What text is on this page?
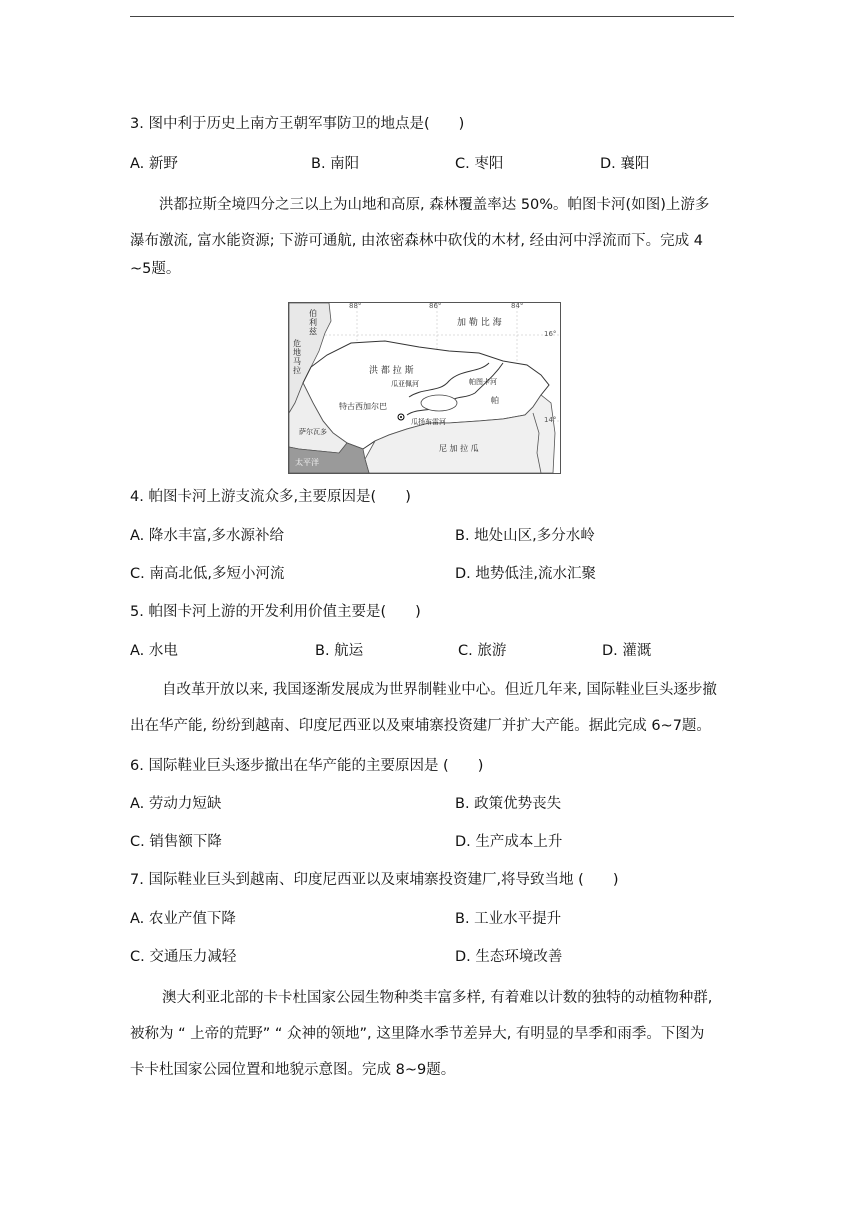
3. 图中利于历史上南方王朝军事防卫的地点是(　　)
A. 新野	B. 南阳	C. 枣阳	D. 襄阳
洪都拉斯全境四分之三以上为山地和高原, 森林覆盖率达 50%。帕图卡河(如图)上游多
瀑布激流, 富水能资源; 下游可通航, 由浓密森林中砍伐的木材, 经由河中浮流而下。完成 4
~5题。
88°	86°	84°
16°
14°
伯利兹
危地马拉
加 勒 比 海
洪 都 拉 斯
帕图卡河
瓜亚佩河
瓜扬布雷河
帕
特古西加尔巴
萨尔瓦多
太平洋
尼 加 拉 瓜
4. 帕图卡河上游支流众多,主要原因是(　　)
A. 降水丰富,多水源补给	B. 地处山区,多分水岭
C. 南高北低,多短小河流	D. 地势低洼,流水汇聚
5. 帕图卡河上游的开发利用价值主要是(　　)
A. 水电	B. 航运	C. 旅游	D. 灌溉
自改革开放以来, 我国逐渐发展成为世界制鞋业中心。但近几年来, 国际鞋业巨头逐步撤
出在华产能, 纷纷到越南、印度尼西亚以及柬埔寨投资建厂并扩大产能。据此完成 6~7题。
6. 国际鞋业巨头逐步撤出在华产能的主要原因是 (　　)
A. 劳动力短缺	B. 政策优势丧失
C. 销售额下降	D. 生产成本上升
7. 国际鞋业巨头到越南、印度尼西亚以及柬埔寨投资建厂,将导致当地 (　　)
A. 农业产值下降	B. 工业水平提升
C. 交通压力减轻	D. 生态环境改善
澳大利亚北部的卡卡杜国家公园生物种类丰富多样, 有着难以计数的独特的动植物种群,
被称为 “ 上帝的荒野” “ 众神的领地”, 这里降水季节差异大, 有明显的旱季和雨季。下图为
卡卡杜国家公园位置和地貌示意图。完成 8~9题。
